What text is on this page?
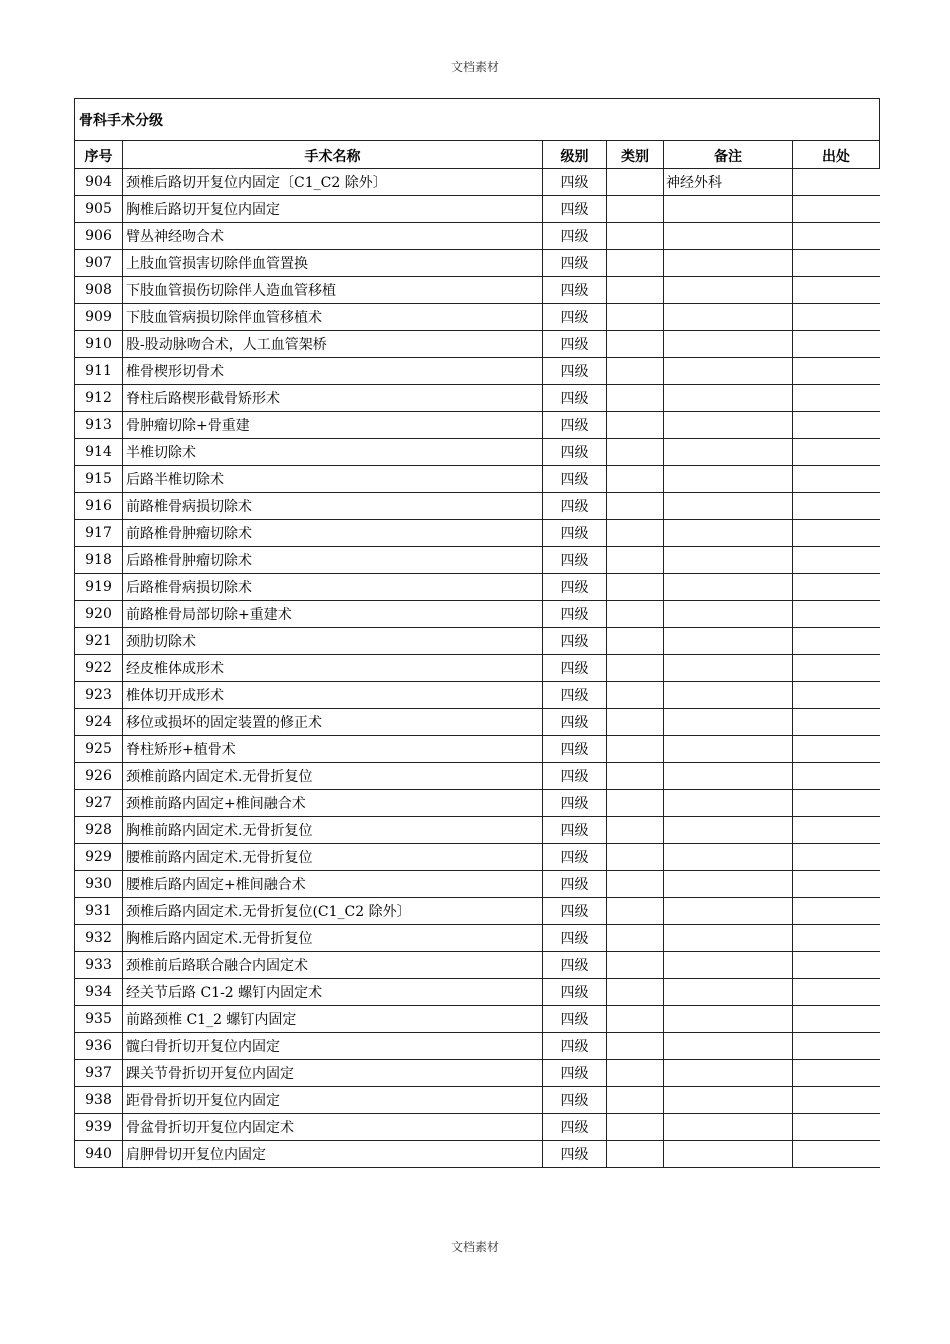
文档素材
骨科手术分级					
序号	手术名称	级别	类别	备注	出处
904	颈椎后路切开复位内固定〔C1_C2 除外〕	四级		神经外科	
905	胸椎后路切开复位内固定	四级			
906	臂丛神经吻合术	四级			
907	上肢血管损害切除伴血管置换	四级			
908	下肢血管损伤切除伴人造血管移植	四级			
909	下肢血管病损切除伴血管移植术	四级			
910	股-股动脉吻合术，人工血管架桥	四级			
911	椎骨楔形切骨术	四级			
912	脊柱后路楔形截骨矫形术	四级			
913	骨肿瘤切除+骨重建	四级			
914	半椎切除术	四级			
915	后路半椎切除术	四级			
916	前路椎骨病损切除术	四级			
917	前路椎骨肿瘤切除术	四级			
918	后路椎骨肿瘤切除术	四级			
919	后路椎骨病损切除术	四级			
920	前路椎骨局部切除+重建术	四级			
921	颈肋切除术	四级			
922	经皮椎体成形术	四级			
923	椎体切开成形术	四级			
924	移位或损坏的固定装置的修正术	四级			
925	脊柱矫形+植骨术	四级			
926	颈椎前路内固定术.无骨折复位	四级			
927	颈椎前路内固定+椎间融合术	四级			
928	胸椎前路内固定术.无骨折复位	四级			
929	腰椎前路内固定术.无骨折复位	四级			
930	腰椎后路内固定+椎间融合术	四级			
931	颈椎后路内固定术.无骨折复位(C1_C2 除外〕	四级			
932	胸椎后路内固定术.无骨折复位	四级			
933	颈椎前后路联合融合内固定术	四级			
934	经关节后路 C1-2 螺钉内固定术	四级			
935	前路颈椎 C1_2 螺钉内固定	四级			
936	髋臼骨折切开复位内固定	四级			
937	踝关节骨折切开复位内固定	四级			
938	距骨骨折切开复位内固定	四级			
939	骨盆骨折切开复位内固定术	四级			
940	肩胛骨切开复位内固定	四级			
文档素材
